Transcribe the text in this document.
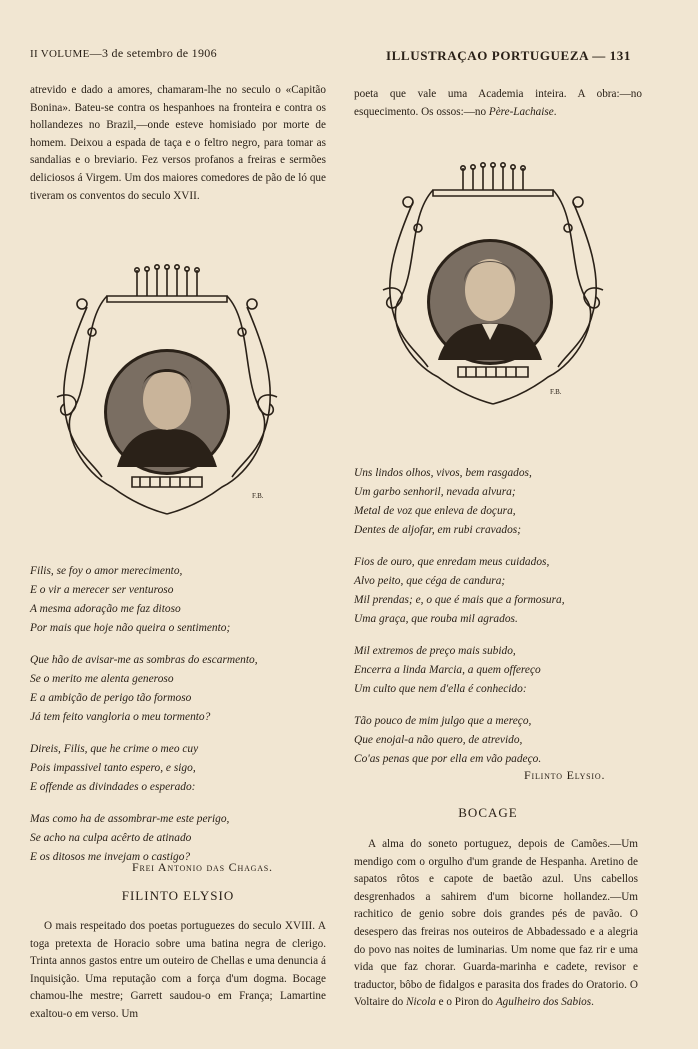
II VOLUME—3 de setembro de 1906	ILLUSTRAÇAO PORTUGUEZA — 131

atrevido e dado a amores, chamaram-lhe no seculo o «Capitão Bonina». Bateu-se contra os hespanhoes na fronteira e contra os hollandezes no Brazil,—onde esteve homisiado por morte de homem. Deixou a espada de taça e o feltro negro, para tomar as sandalias e o breviario. Fez versos profanos a freiras e sermões deliciosos á Virgem. Um dos maiores comedores de pão de ló que tiveram os conventos do seculo XVII.

poeta que vale uma Academia inteira. A obra:—no esquecimento. Os ossos:—no Père-Lachaise.

F.B.
F.B.
Filis, se foy o amor merecimento,
E o vir a merecer ser venturoso
A mesma adoração me faz ditoso
Por mais que hoje não queira o sentimento;
Que hão de avisar-me as sombras do escarmento,
Se o merito me alenta generoso
E a ambição de perigo tão formoso
Já tem feito vangloria o meu tormento?
Direis, Filis, que he crime o meo cuy
Pois impassivel tanto espero, e sigo,
E offende as divindades o esperado:
Mas como ha de assombrar-me este perigo,
Se acho na culpa acêrto de atinado
E os ditosos me invejam o castigo?
Frei Antonio das Chagas.
FILINTO ELYSIO

O mais respeitado dos poetas portuguezes do seculo XVIII. A toga pretexta de Horacio sobre uma batina negra de clerigo. Trinta annos gastos entre um outeiro de Chellas e uma denuncia á Inquisição. Uma reputação com a força d'um dogma. Bocage chamou-lhe mestre; Garrett saudou-o em França; Lamartine exaltou-o em verso. Um

Uns lindos olhos, vivos, bem rasgados,
Um garbo senhoril, nevada alvura;
Metal de voz que enleva de doçura,
Dentes de aljofar, em rubi cravados;
Fios de ouro, que enredam meus cuidados,
Alvo peito, que céga de candura;
Mil prendas; e, o que é mais que a formosura,
Uma graça, que rouba mil agrados.
Mil extremos de preço mais subido,
Encerra a linda Marcia, a quem offereço
Um culto que nem d'ella é conhecido:
Tão pouco de mim julgo que a mereço,
Que enojal-a não quero, de atrevido,
Co'as penas que por ella em vão padeço.
Filinto Elysio.
BOCAGE

A alma do soneto portuguez, depois de Camões.—Um mendigo com o orgulho d'um grande de Hespanha. Aretino de sapatos rôtos e capote de baetão azul. Uns cabellos desgrenhados a sahirem d'um bicorne hollandez.—Um rachitico de genio sobre dois grandes pés de pavão. O desespero das freiras nos outeiros de Abbadessado e a alegria do povo nas noites de luminarias. Um nome que faz rir e uma vida que faz chorar. Guarda-marinha e cadete, revisor e traductor, bôbo de fidalgos e parasita dos frades do Oratorio. O Voltaire do Nicola e o Piron do Agulheiro dos Sabios.
